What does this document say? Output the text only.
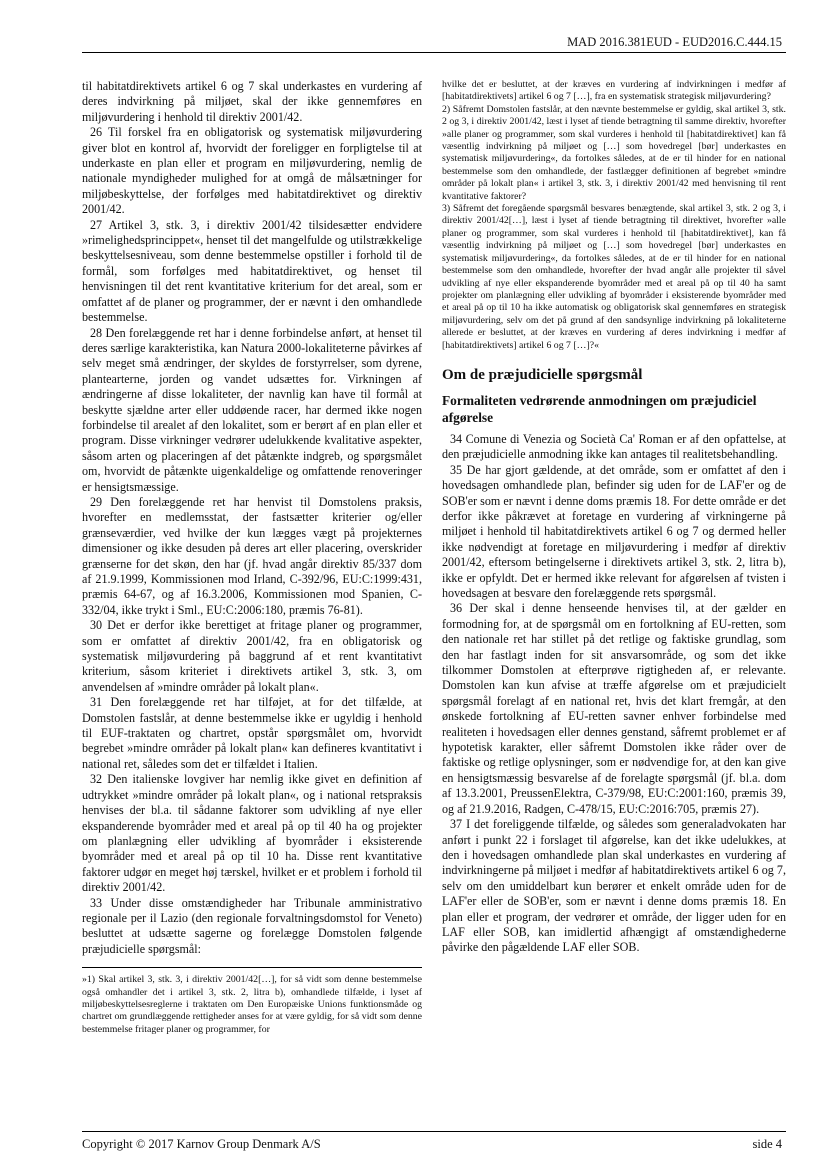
MAD 2016.381EUD - EUD2016.C.444.15

til habitatdirektivets artikel 6 og 7 skal underkastes en vurdering af deres indvirkning på miljøet, skal der ikke gennemføres en miljøvurdering i henhold til direktiv 2001/42.

26 Til forskel fra en obligatorisk og systematisk miljøvurdering giver blot en kontrol af, hvorvidt der foreligger en forpligtelse til at underkaste en plan eller et program en miljøvurdering, nemlig de nationale myndigheder mulighed for at omgå de målsætninger for miljøbeskyttelse, der forfølges med habitatdirektivet og direktiv 2001/42.

27 Artikel 3, stk. 3, i direktiv 2001/42 tilsidesætter endvidere »rimelighedsprincippet«, henset til det mangelfulde og utilstrækkelige beskyttelsesniveau, som denne bestemmelse opstiller i forhold til de formål, som forfølges med habitatdirektivet, og henset til henvisningen til det rent kvantitative kriterium for det areal, som er omfattet af de planer og programmer, der er nævnt i den omhandlede bestemmelse.

28 Den forelæggende ret har i denne forbindelse anført, at henset til deres særlige karakteristika, kan Natura 2000-lokaliteterne påvirkes af selv meget små ændringer, der skyldes de forstyrrelser, som dyrene, plantearterne, jorden og vandet udsættes for. Virkningen af ændringerne af disse lokaliteter, der navnlig kan have til formål at beskytte sjældne arter eller uddøende racer, har dermed ikke nogen forbindelse til arealet af den lokalitet, som er berørt af en plan eller et program. Disse virkninger vedrører udelukkende kvalitative aspekter, såsom arten og placeringen af det påtænkte indgreb, og spørgsmålet om, hvorvidt de påtænkte uigenkaldelige og omfattende renoveringer er hensigtsmæssige.

29 Den forelæggende ret har henvist til Domstolens praksis, hvorefter en medlemsstat, der fastsætter kriterier og/eller grænseværdier, ved hvilke der kun lægges vægt på projekternes dimensioner og ikke desuden på deres art eller placering, overskrider grænserne for det skøn, den har (jf. hvad angår direktiv 85/337 dom af 21.9.1999, Kommissionen mod Irland, C-392/96, EU:C:1999:431, præmis 64-67, og af 16.3.2006, Kommissionen mod Spanien, C-332/04, ikke trykt i Sml., EU:C:2006:180, præmis 76-81).

30 Det er derfor ikke berettiget at fritage planer og programmer, som er omfattet af direktiv 2001/42, fra en obligatorisk og systematisk miljøvurdering på baggrund af et rent kvantitativt kriterium, såsom kriteriet i direktivets artikel 3, stk. 3, om anvendelsen af »mindre områder på lokalt plan«.

31 Den forelæggende ret har tilføjet, at for det tilfælde, at Domstolen fastslår, at denne bestemmelse ikke er ugyldig i henhold til EUF-traktaten og chartret, opstår spørgsmålet om, hvorvidt begrebet »mindre områder på lokalt plan« kan defineres kvantitativt i national ret, således som det er tilfældet i Italien.

32 Den italienske lovgiver har nemlig ikke givet en definition af udtrykket »mindre områder på lokalt plan«, og i national retspraksis henvises der bl.a. til sådanne faktorer som udvikling af nye eller ekspanderende byområder med et areal på op til 40 ha og projekter om planlægning eller udvikling af byområder i eksisterende byområder med et areal på op til 10 ha. Disse rent kvantitative faktorer udgør en meget høj tærskel, hvilket er et problem i forhold til direktiv 2001/42.

33 Under disse omstændigheder har Tribunale amministrativo regionale per il Lazio (den regionale forvaltningsdomstol for Veneto) besluttet at udsætte sagerne og forelægge Domstolen følgende præjudicielle spørgsmål:

»1) Skal artikel 3, stk. 3, i direktiv 2001/42[…], for så vidt som denne bestemmelse også omhandler det i artikel 3, stk. 2, litra b), omhandlede tilfælde, i lyset af miljøbeskyttelsesreglerne i traktaten om Den Europæiske Unions funktionsmåde og chartret om grundlæggende rettigheder anses for at være gyldig, for så vidt som denne bestemmelse fritager planer og programmer, for

hvilke det er besluttet, at der kræves en vurdering af indvirkningen i medfør af [habitatdirektivets] artikel 6 og 7 […], fra en systematisk strategisk miljøvurdering?

2) Såfremt Domstolen fastslår, at den nævnte bestemmelse er gyldig, skal artikel 3, stk. 2 og 3, i direktiv 2001/42, læst i lyset af tiende betragtning til samme direktiv, hvorefter »alle planer og programmer, som skal vurderes i henhold til [habitatdirektivet] kan få væsentlig indvirkning på miljøet og […] som hovedregel [bør] underkastes en systematisk miljøvurdering«, da fortolkes således, at de er til hinder for en national bestemmelse som den omhandlede, der fastlægger definitionen af begrebet »mindre områder på lokalt plan« i artikel 3, stk. 3, i direktiv 2001/42 med henvisning til rent kvantitative faktorer?

3) Såfremt det foregående spørgsmål besvares benægtende, skal artikel 3, stk. 2 og 3, i direktiv 2001/42[…], læst i lyset af tiende betragtning til direktivet, hvorefter »alle planer og programmer, som skal vurderes i henhold til [habitatdirektivet], kan få væsentlig indvirkning på miljøet og […] som hovedregel [bør] underkastes en systematisk miljøvurdering«, da fortolkes således, at de er til hinder for en national bestemmelse som den omhandlede, hvorefter der hvad angår alle projekter til såvel udvikling af nye eller ekspanderende byområder med et areal på op til 40 ha samt projekter om planlægning eller udvikling af byområder i eksisterende byområder med et areal på op til 10 ha ikke automatisk og obligatorisk skal gennemføres en strategisk miljøvurdering, selv om det på grund af den sandsynlige indvirkning på lokaliteterne allerede er besluttet, at der kræves en vurdering af deres indvirkning i medfør af [habitatdirektivets] artikel 6 og 7 […]?«

Om de præjudicielle spørgsmål
Formaliteten vedrørende anmodningen om præjudiciel afgørelse

34 Comune di Venezia og Società Ca' Roman er af den opfattelse, at den præjudicielle anmodning ikke kan antages til realitetsbehandling.

35 De har gjort gældende, at det område, som er omfattet af den i hovedsagen omhandlede plan, befinder sig uden for de LAF'er og de SOB'er som er nævnt i denne doms præmis 18. For dette område er det derfor ikke påkrævet at foretage en vurdering af virkningerne på miljøet i henhold til habitatdirektivets artikel 6 og 7 og dermed heller ikke nødvendigt at foretage en miljøvurdering i medfør af direktiv 2001/42, eftersom betingelserne i direktivets artikel 3, stk. 2, litra b), ikke er opfyldt. Det er hermed ikke relevant for afgørelsen af tvisten i hovedsagen at besvare den forelæggende rets spørgsmål.

36 Der skal i denne henseende henvises til, at der gælder en formodning for, at de spørgsmål om en fortolkning af EU-retten, som den nationale ret har stillet på det retlige og faktiske grundlag, som den har fastlagt inden for sit ansvarsområde, og som det ikke tilkommer Domstolen at efterprøve rigtigheden af, er relevante. Domstolen kan kun afvise at træffe afgørelse om et præjudicielt spørgsmål forelagt af en national ret, hvis det klart fremgår, at den ønskede fortolkning af EU-retten savner enhver forbindelse med realiteten i hovedsagen eller dennes genstand, såfremt problemet er af hypotetisk karakter, eller såfremt Domstolen ikke råder over de faktiske og retlige oplysninger, som er nødvendige for, at den kan give en hensigtsmæssig besvarelse af de forelagte spørgsmål (jf. bl.a. dom af 13.3.2001, PreussenElektra, C-379/98, EU:C:2001:160, præmis 39, og af 21.9.2016, Radgen, C-478/15, EU:C:2016:705, præmis 27).

37 I det foreliggende tilfælde, og således som generaladvokaten har anført i punkt 22 i forslaget til afgørelse, kan det ikke udelukkes, at den i hovedsagen omhandlede plan skal underkastes en vurdering af indvirkningerne på miljøet i medfør af habitatdirektivets artikel 6 og 7, selv om den umiddelbart kun berører et enkelt område uden for de LAF'er eller de SOB'er, som er nævnt i denne doms præmis 18. En plan eller et program, der vedrører et område, der ligger uden for en LAF eller SOB, kan imidlertid afhængigt af omstændighederne påvirke den pågældende LAF eller SOB.

Copyright © 2017 Karnov Group Denmark A/S	side 4
